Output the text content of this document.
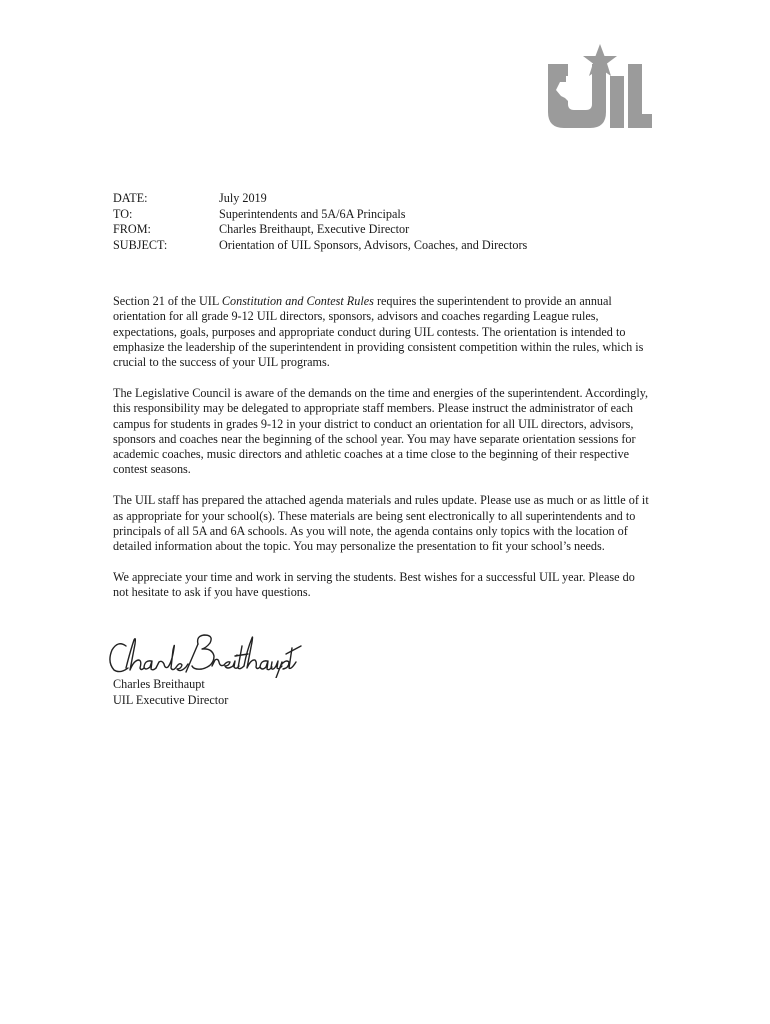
DATE:	July 2019
TO:	Superintendents and 5A/6A Principals
FROM:	Charles Breithaupt, Executive Director
SUBJECT:	Orientation of UIL Sponsors, Advisors, Coaches, and Directors

Section 21 of the UIL Constitution and Contest Rules requires the superintendent to provide an annual orientation for all grade 9-12 UIL directors, sponsors, advisors and coaches regarding League rules, expectations, goals, purposes and appropriate conduct during UIL contests. The orientation is intended to emphasize the leadership of the superintendent in providing consistent competition within the rules, which is crucial to the success of your UIL programs.

The Legislative Council is aware of the demands on the time and energies of the superintendent. Accordingly, this responsibility may be delegated to appropriate staff members. Please instruct the administrator of each campus for students in grades 9-12 in your district to conduct an orientation for all UIL directors, advisors, sponsors and coaches near the beginning of the school year. You may have separate orientation sessions for academic coaches, music directors and athletic coaches at a time close to the beginning of their respective contest seasons.

The UIL staff has prepared the attached agenda materials and rules update. Please use as much or as little of it as appropriate for your school(s). These materials are being sent electronically to all superintendents and to principals of all 5A and 6A schools. As you will note, the agenda contains only topics with the location of detailed information about the topic. You may personalize the presentation to fit your school’s needs.

We appreciate your time and work in serving the students. Best wishes for a successful UIL year. Please do not hesitate to ask if you have questions.

Charles Breithaupt
UIL Executive Director
